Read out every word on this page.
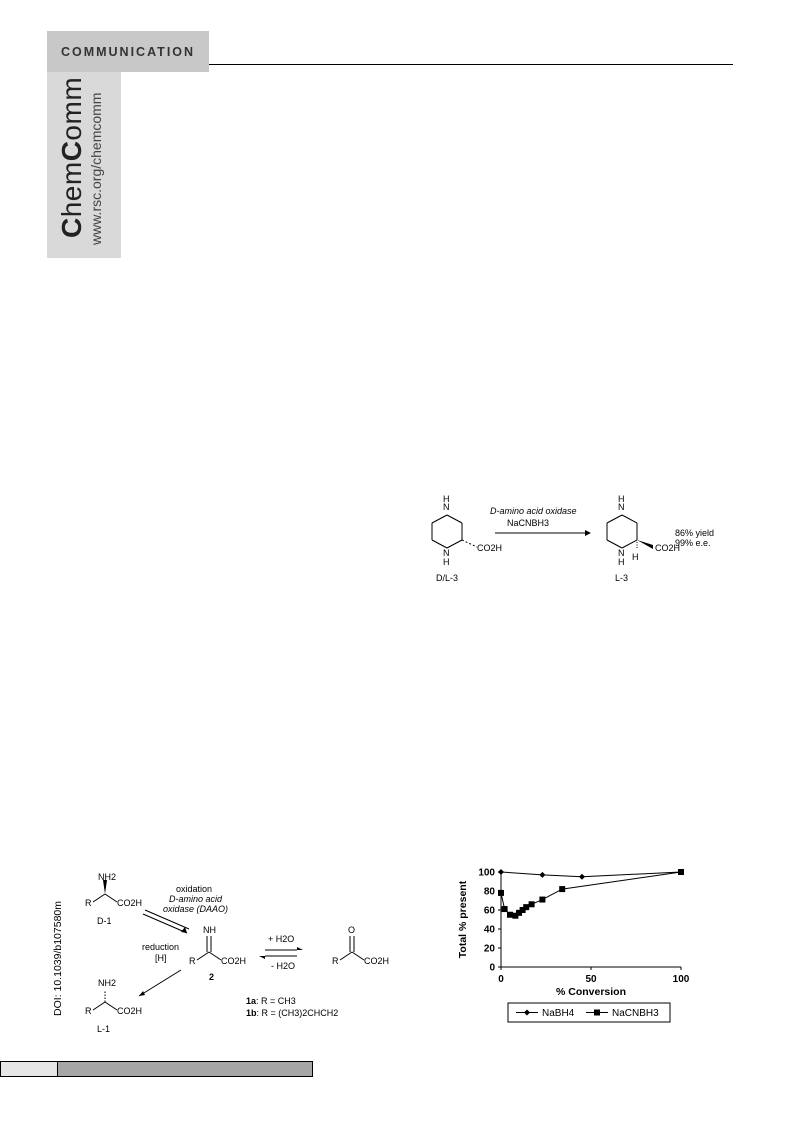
COMMUNICATION
ChemComm www.rsc.org/chemcomm
N
H
N
H
CO2H
D/L-3
D-amino acid oxidase
NaCNBH3
N
H
N
H H
CO2H
L-3
86% yield
99% e.e.
NH2
R	CO2H
D-1
oxidation
D-amino acid
oxidase (DAAO)
reduction
[H]
NH
R	CO2H
2
+ H2O
- H2O
O
R	CO2H
NH2
R	CO2H
L-1
1a: R = CH3
1b: R = (CH3)2CHCH2
DOI: 10.1039/b107580m	0
20
40
60
80
100
0	50	100
Total % present
% Conversion
NaBH4	NaCNBH3
